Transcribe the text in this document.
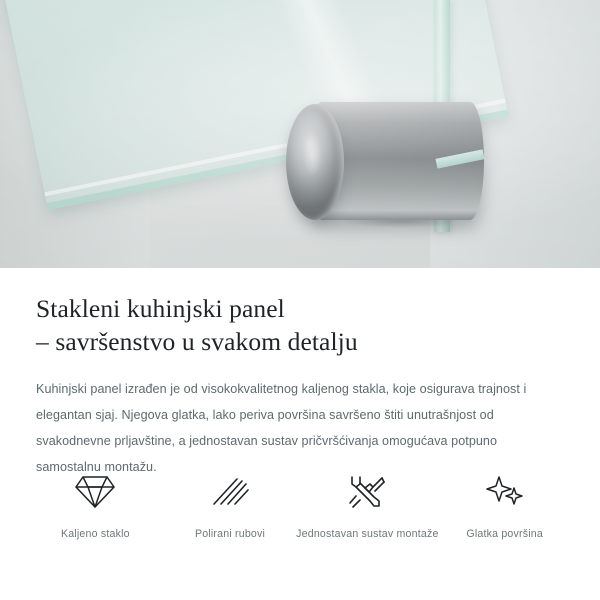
Stakleni kuhinjski panel
– savršenstvo u svakom detalju

Kuhinjski panel izrađen je od visokokvalitetnog kaljenog stakla, koje osigurava trajnost i elegantan sjaj. Njegova glatka, lako periva površina savršeno štiti unutrašnjost od svakodnevne prljavštine, a jednostavan sustav pričvršćivanja omogućava potpuno samostalnu montažu.

Kaljeno staklo	Polirani rubovi	Jednostavan sustav montaže	Glatka površina
